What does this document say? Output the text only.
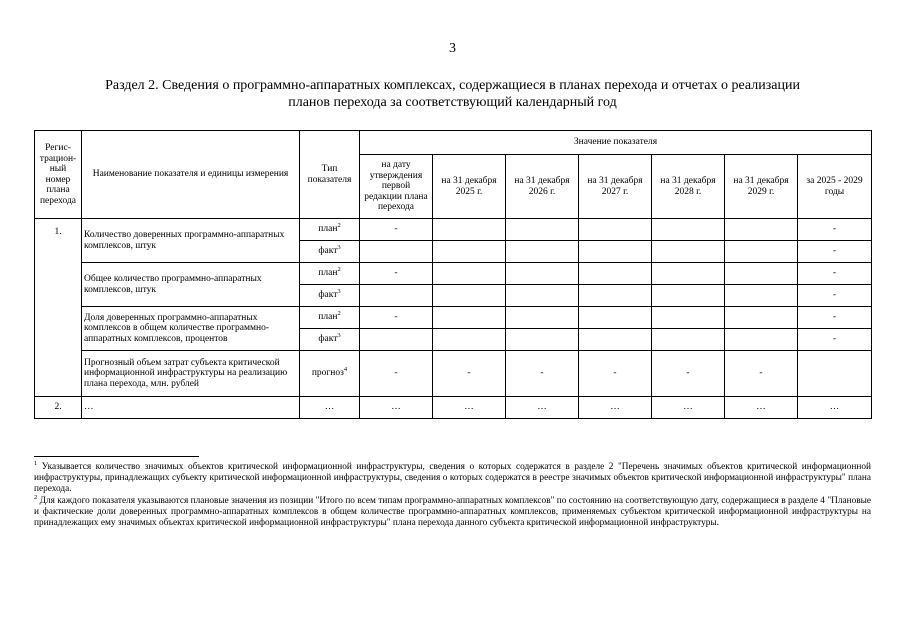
3
Раздел 2. Сведения о программно-аппаратных комплексах, содержащиеся в планах перехода и отчетах о реализации
планов перехода за соответствующий календарный год
Регис-трацион-ный номер плана перехода	Наименование показателя и единицы измерения	Тип показателя	Значение показателя						
			на дату утверждения первой редакции плана перехода	на 31 декабря 2025 г.	на 31 декабря 2026 г.	на 31 декабря 2027 г.	на 31 декабря 2028 г.	на 31 декабря 2029 г.	за 2025 - 2029 годы
1.	Количество доверенных программно-аппаратных комплексов, штук	план$^2$	-						-
		факт$^3$							-
	Общее количество программно-аппаратных комплексов, штук	план$^2$	-						-
		факт$^3$							-
	Доля доверенных программно-аппаратных комплексов в общем количестве программно-аппаратных комплексов, процентов	план$^2$	-						-
		факт$^3$							-
	Прогнозный объем затрат субъекта критической информационной инфраструктуры на реализацию плана перехода, млн. рублей	прогноз$^4$	-	-	-	-	-	-	
2.	…	…	…	…	…	…	…	…	…

$^1$ Указывается количество значимых объектов критической информационной инфраструктуры, сведения о которых содержатся в разделе 2 "Перечень значимых объектов критической информационной инфраструктуры, принадлежащих субъекту критической информационной инфраструктуры, сведения о которых содержатся в реестре значимых объектов критической информационной инфраструктуры" плана перехода.

$^2$ Для каждого показателя указываются плановые значения из позиции "Итого по всем типам программно-аппаратных комплексов" по состоянию на соответствующую дату, содержащиеся в разделе 4 "Плановые и фактические доли доверенных программно-аппаратных комплексов в общем количестве программно-аппаратных комплексов, применяемых субъектом критической информационной инфраструктуры на принадлежащих ему значимых объектах критической информационной инфраструктуры" плана перехода данного субъекта критической информационной инфраструктуры.
